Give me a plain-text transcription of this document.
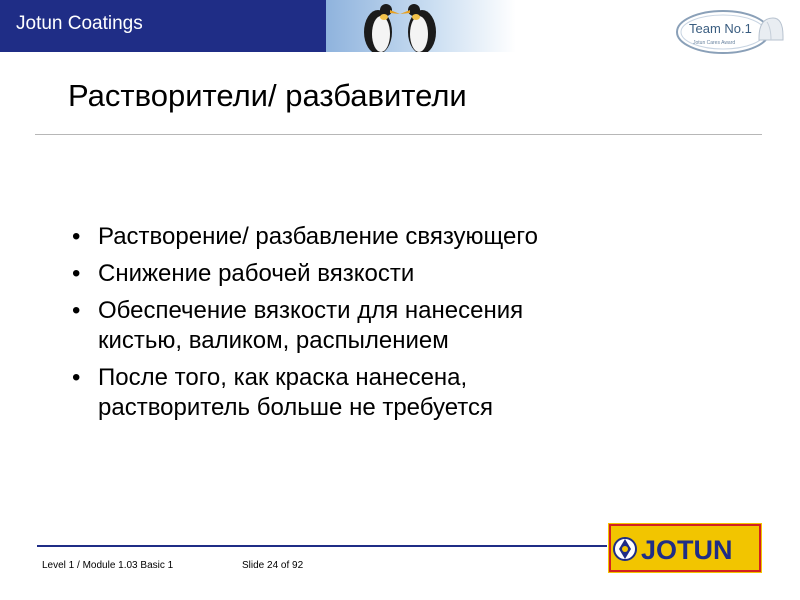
Jotun Coatings	Team No.1
Jotun Cares Award
Растворители/ разбавители
• Растворение/ разбавление связующего
• Снижение рабочей вязкости
• Обеспечение вязкости для нанесения
кистью, валиком, распылением
• После того, как краска нанесена,
растворитель больше не требуется
Level 1 / Module 1.03 Basic 1	Slide 24 of 92
JOTUN
